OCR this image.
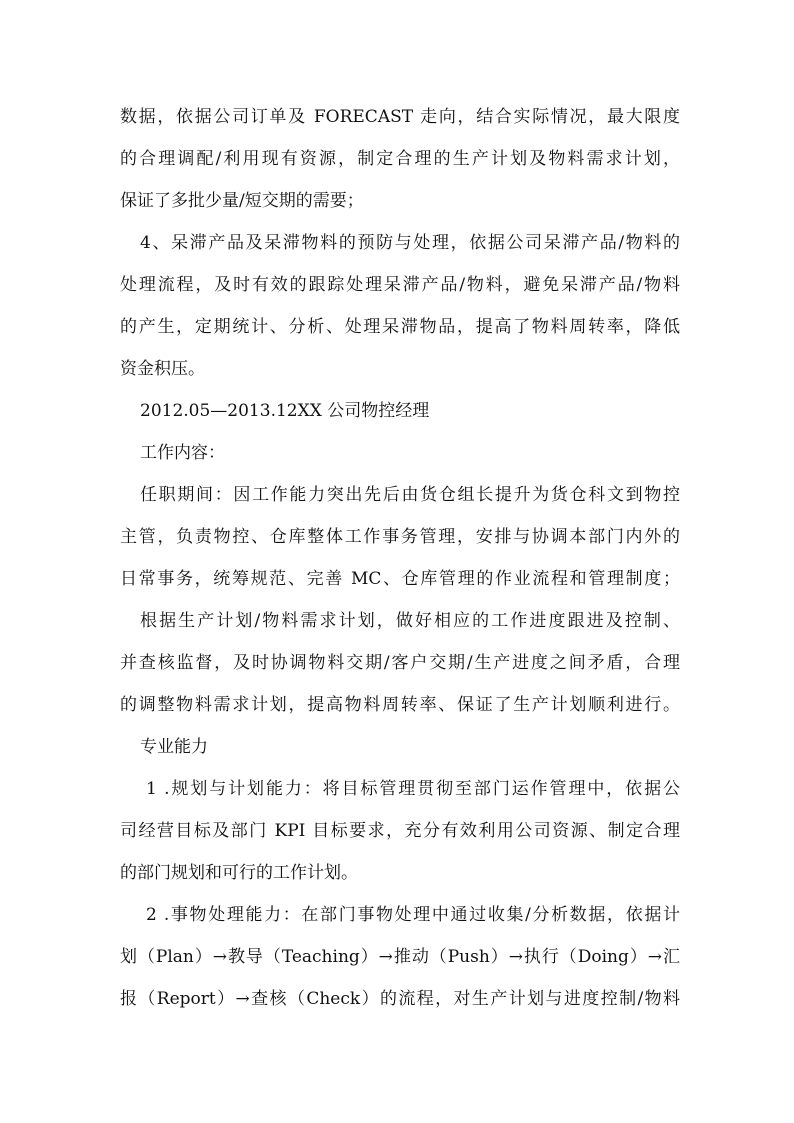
数据，依据公司订单及 FORECAST 走向，结合实际情况，最大限度
的合理调配/利用现有资源，制定合理的生产计划及物料需求计划，
保证了多批少量/短交期的需要；
4、呆滞产品及呆滞物料的预防与处理，依据公司呆滞产品/物料的
处理流程，及时有效的跟踪处理呆滞产品/物料，避免呆滞产品/物料
的产生，定期统计、分析、处理呆滞物品，提高了物料周转率，降低
资金积压。
2012.05—2013.12XX 公司物控经理
工作内容：
任职期间：因工作能力突出先后由货仓组长提升为货仓科文到物控
主管，负责物控、仓库整体工作事务管理，安排与协调本部门内外的
日常事务，统筹规范、完善 MC、仓库管理的作业流程和管理制度；
根据生产计划/物料需求计划，做好相应的工作进度跟进及控制、
并查核监督，及时协调物料交期/客户交期/生产进度之间矛盾，合理
的调整物料需求计划，提高物料周转率、保证了生产计划顺利进行。
专业能力
1 .规划与计划能力：将目标管理贯彻至部门运作管理中，依据公
司经营目标及部门 KPI 目标要求，充分有效利用公司资源、制定合理
的部门规划和可行的工作计划。
2 .事物处理能力：在部门事物处理中通过收集/分析数据，依据计
划（Plan）→教导（Teaching）→推动（Push）→执行（Doing）→汇
报（Report）→查核（Check）的流程，对生产计划与进度控制/物料
